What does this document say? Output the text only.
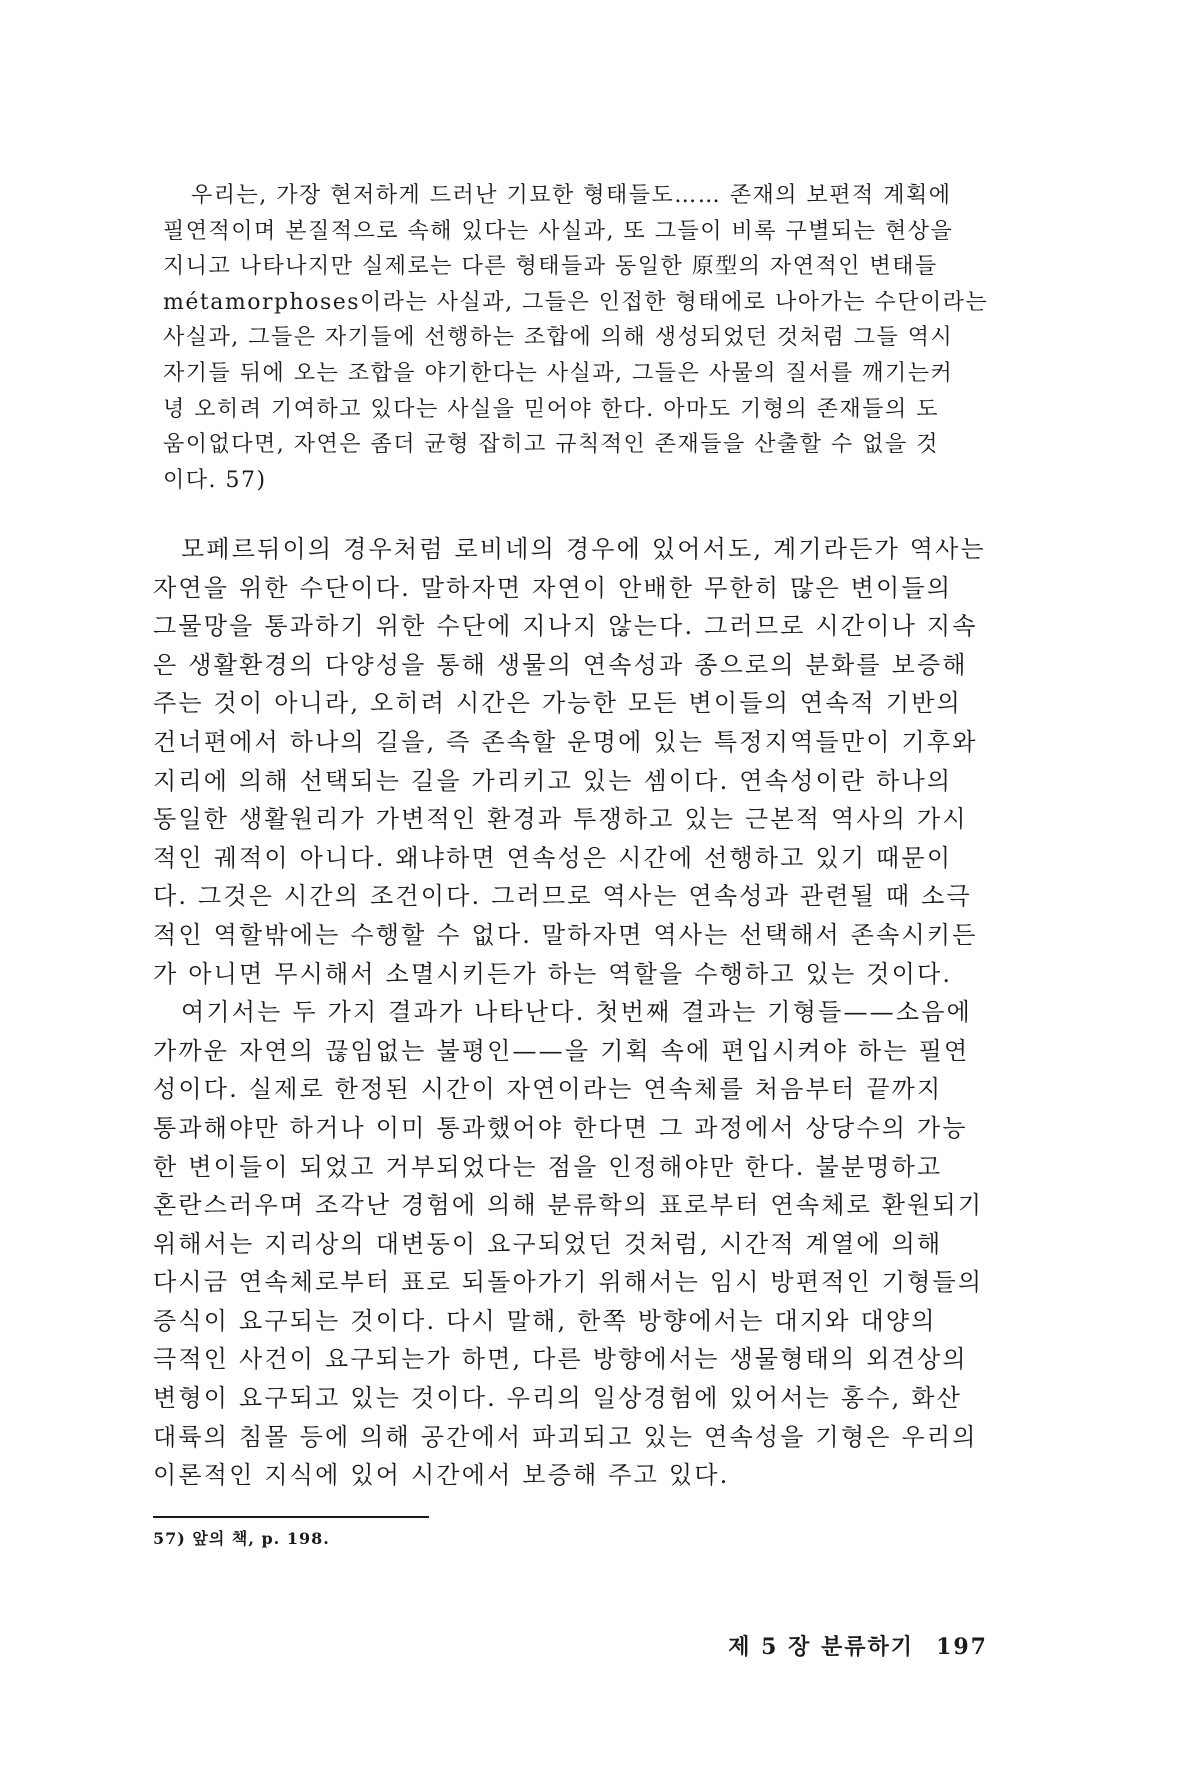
우리는, 가장 현저하게 드러난 기묘한 형태들도…… 존재의 보편적 계획에
필연적이며 본질적으로 속해 있다는 사실과, 또 그들이 비록 구별되는 현상을
지니고 나타나지만 실제로는 다른 형태들과 동일한 原型의 자연적인 변태들
métamorphoses이라는 사실과, 그들은 인접한 형태에로 나아가는 수단이라는
사실과, 그들은 자기들에 선행하는 조합에 의해 생성되었던 것처럼 그들 역시
자기들 뒤에 오는 조합을 야기한다는 사실과, 그들은 사물의 질서를 깨기는커
녕 오히려 기여하고 있다는 사실을 믿어야 한다. 아마도 기형의 존재들의 도
움이없다면, 자연은 좀더 균형 잡히고 규칙적인 존재들을 산출할 수 없을 것
이다. 57)
모페르뒤이의 경우처럼 로비네의 경우에 있어서도, 계기라든가 역사는
자연을 위한 수단이다. 말하자면 자연이 안배한 무한히 많은 변이들의
그물망을 통과하기 위한 수단에 지나지 않는다. 그러므로 시간이나 지속
은 생활환경의 다양성을 통해 생물의 연속성과 종으로의 분화를 보증해
주는 것이 아니라, 오히려 시간은 가능한 모든 변이들의 연속적 기반의
건너편에서 하나의 길을, 즉 존속할 운명에 있는 특정지역들만이 기후와
지리에 의해 선택되는 길을 가리키고 있는 셈이다. 연속성이란 하나의
동일한 생활원리가 가변적인 환경과 투쟁하고 있는 근본적 역사의 가시
적인 궤적이 아니다. 왜냐하면 연속성은 시간에 선행하고 있기 때문이
다. 그것은 시간의 조건이다. 그러므로 역사는 연속성과 관련될 때 소극
적인 역할밖에는 수행할 수 없다. 말하자면 역사는 선택해서 존속시키든
가 아니면 무시해서 소멸시키든가 하는 역할을 수행하고 있는 것이다.
여기서는 두 가지 결과가 나타난다. 첫번째 결과는 기형들——소음에
가까운 자연의 끊임없는 불평인——을 기획 속에 편입시켜야 하는 필연
성이다. 실제로 한정된 시간이 자연이라는 연속체를 처음부터 끝까지
통과해야만 하거나 이미 통과했어야 한다면 그 과정에서 상당수의 가능
한 변이들이 되었고 거부되었다는 점을 인정해야만 한다. 불분명하고
혼란스러우며 조각난 경험에 의해 분류학의 표로부터 연속체로 환원되기
위해서는 지리상의 대변동이 요구되었던 것처럼, 시간적 계열에 의해
다시금 연속체로부터 표로 되돌아가기 위해서는 임시 방편적인 기형들의
증식이 요구되는 것이다. 다시 말해, 한쪽 방향에서는 대지와 대양의
극적인 사건이 요구되는가 하면, 다른 방향에서는 생물형태의 외견상의
변형이 요구되고 있는 것이다. 우리의 일상경험에 있어서는 홍수, 화산
대륙의 침몰 등에 의해 공간에서 파괴되고 있는 연속성을 기형은 우리의
이론적인 지식에 있어 시간에서 보증해 주고 있다.

57) 앞의 책, p. 198.

제 5 장 분류하기 197
